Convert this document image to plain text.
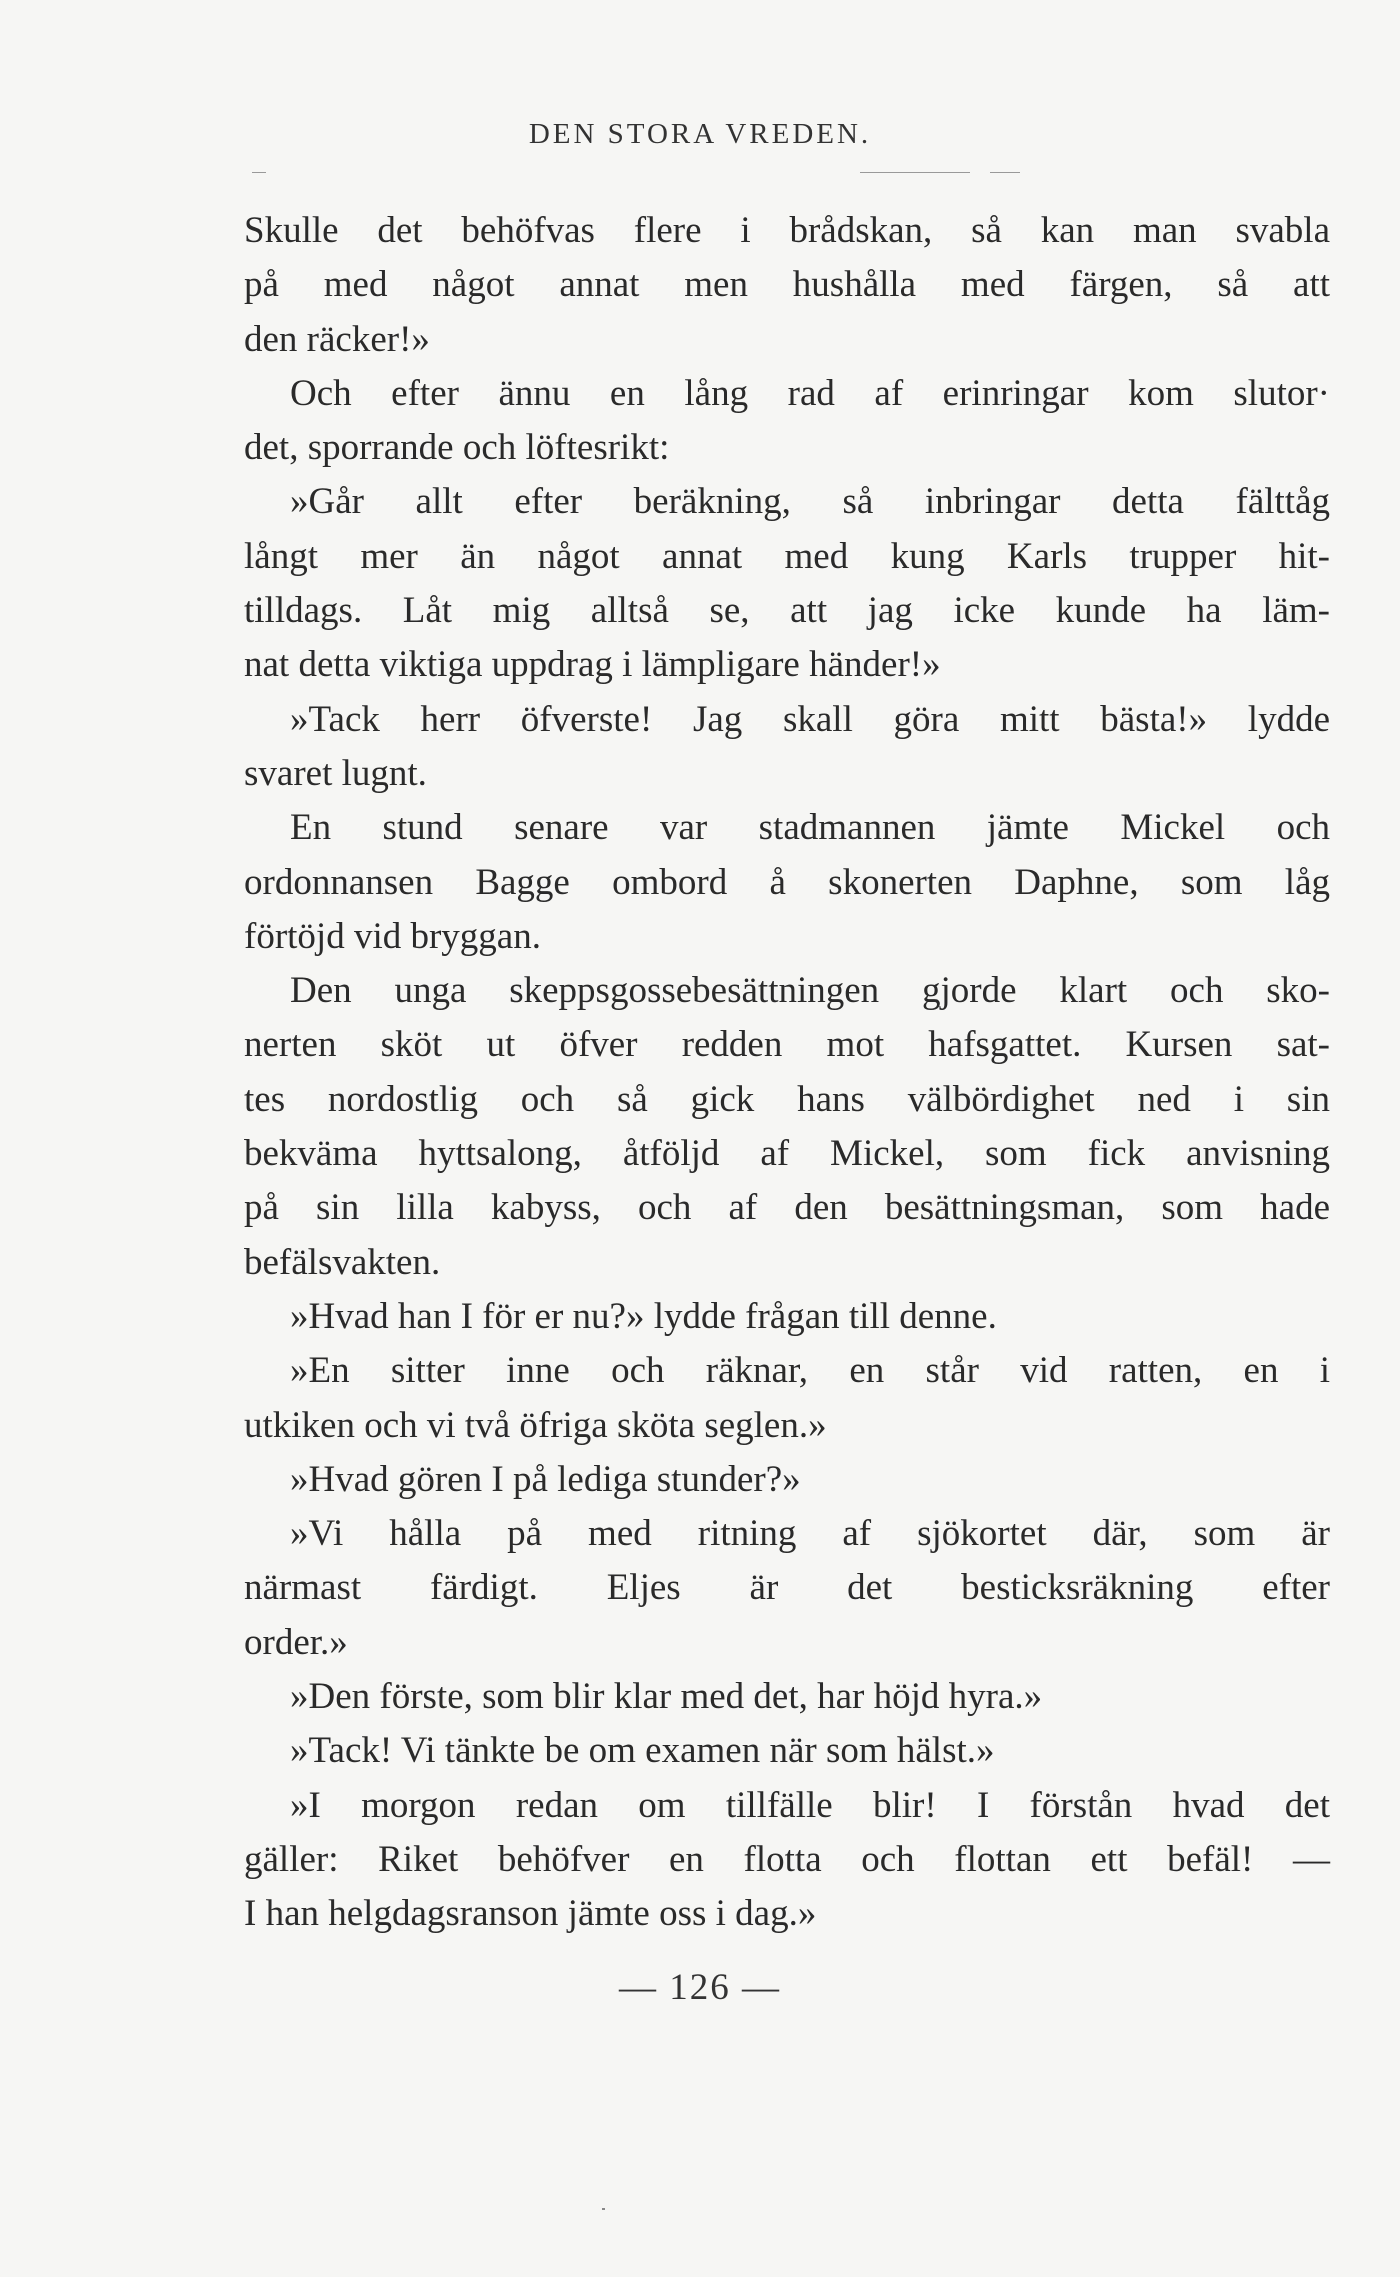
DEN STORA VREDEN.
Skulle det behöfvas flere i brådskan, så kan man svabla
på med något annat men hushålla med färgen, så att
den räcker!»
Och efter ännu en lång rad af erinringar kom slutor·
det, sporrande och löftesrikt:
»Går allt efter beräkning, så inbringar detta fälttåg
långt mer än något annat med kung Karls trupper hit-
tilldags. Låt mig alltså se, att jag icke kunde ha läm-
nat detta viktiga uppdrag i lämpligare händer!»
»Tack herr öfverste! Jag skall göra mitt bästa!» lydde
svaret lugnt.
En stund senare var stadmannen jämte Mickel och
ordonnansen Bagge ombord å skonerten Daphne, som låg
förtöjd vid bryggan.
Den unga skeppsgossebesättningen gjorde klart och sko-
nerten sköt ut öfver redden mot hafsgattet. Kursen sat-
tes nordostlig och så gick hans välbördighet ned i sin
bekväma hyttsalong, åtföljd af Mickel, som fick anvisning
på sin lilla kabyss, och af den besättningsman, som hade
befälsvakten.
»Hvad han I för er nu?» lydde frågan till denne.
»En sitter inne och räknar, en står vid ratten, en i
utkiken och vi två öfriga sköta seglen.»
»Hvad gören I på lediga stunder?»
»Vi hålla på med ritning af sjökortet där, som är
närmast färdigt. Eljes är det besticksräkning efter
order.»
»Den förste, som blir klar med det, har höjd hyra.»
»Tack! Vi tänkte be om examen när som hälst.»
»I morgon redan om tillfälle blir! I förstån hvad det
gäller: Riket behöfver en flotta och flottan ett befäl! —
I han helgdagsranson jämte oss i dag.»
— 126 —
